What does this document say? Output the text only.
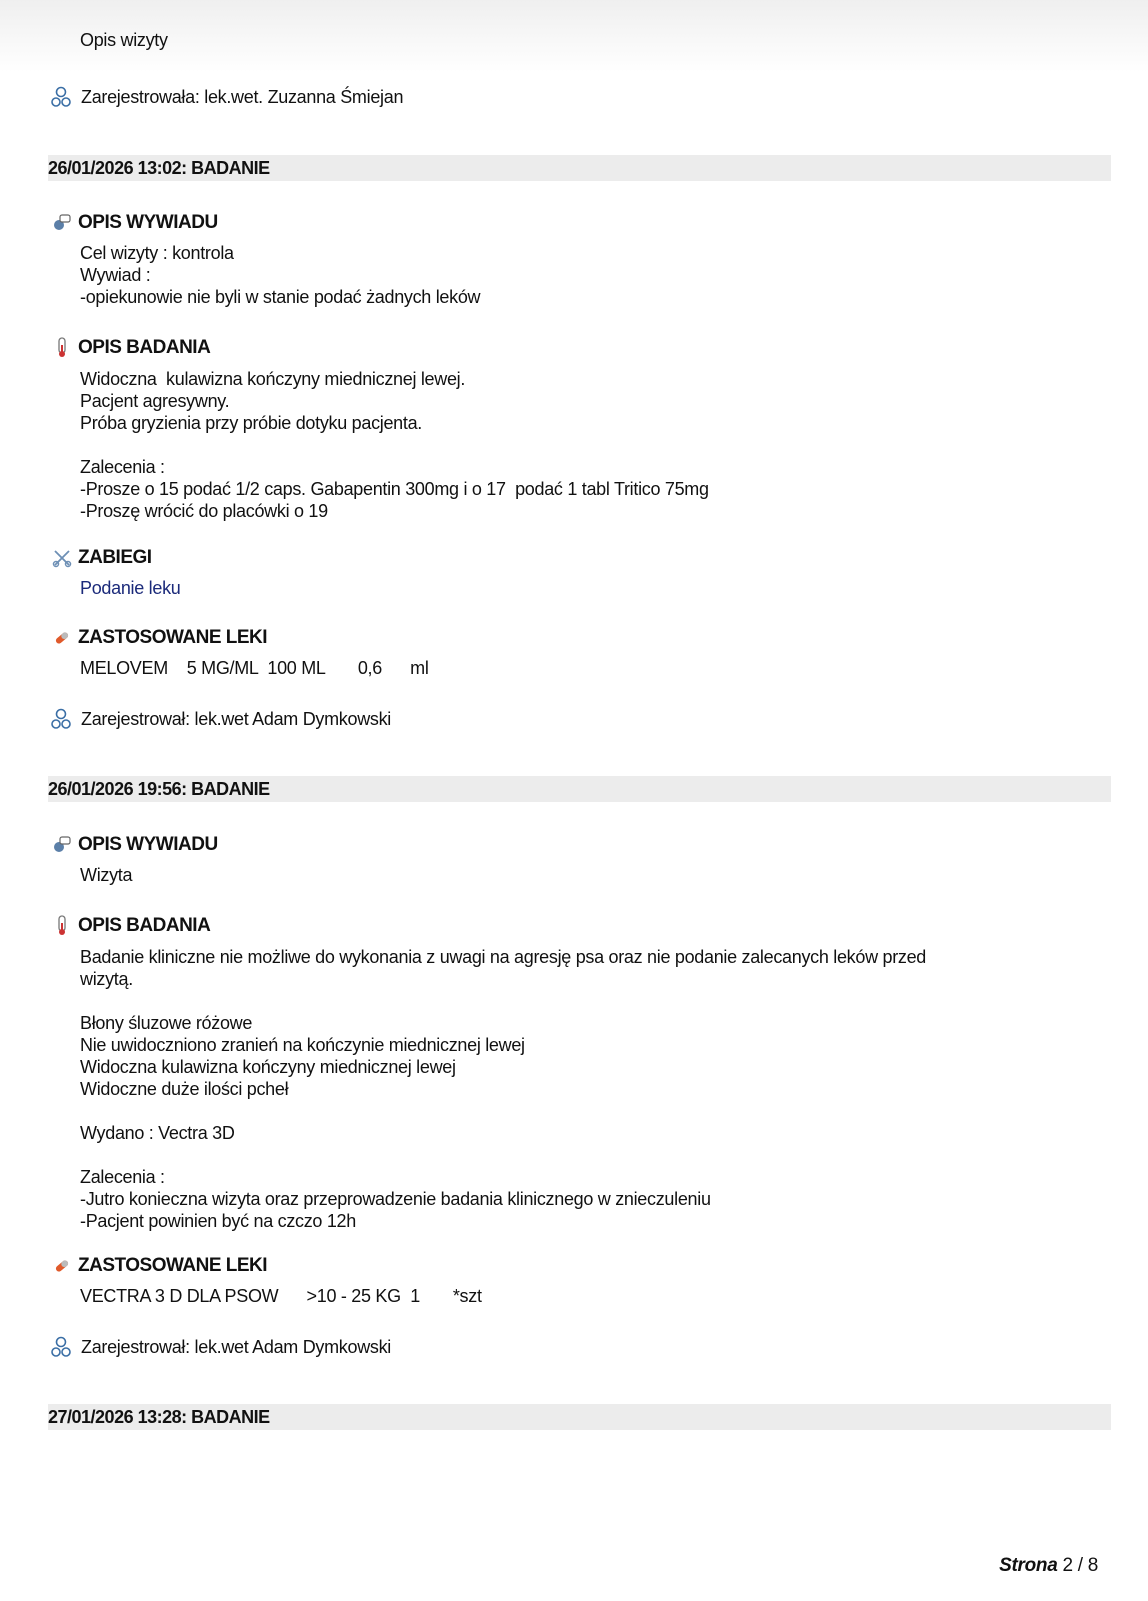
Opis wizyty
Zarejestrowała: lek.wet. Zuzanna Śmiejan
26/01/2026 13:02: BADANIE
OPIS WYWIADU
Cel wizyty : kontrola
Wywiad :
-opiekunowie nie byli w stanie podać żadnych leków
OPIS BADANIA
Widoczna  kulawizna kończyny miednicznej lewej.
Pacjent agresywny.
Próba gryzienia przy próbie dotyku pacjenta.
Zalecenia :
-Prosze o 15 podać 1/2 caps. Gabapentin 300mg i o 17  podać 1 tabl Tritico 75mg
-Proszę wrócić do placówki o 19
ZABIEGI
Podanie leku
ZASTOSOWANE LEKI
MELOVEM    5 MG/ML  100 ML       0,6      ml
Zarejestrował: lek.wet Adam Dymkowski
26/01/2026 19:56: BADANIE
OPIS WYWIADU
Wizyta
OPIS BADANIA
Badanie kliniczne nie możliwe do wykonania z uwagi na agresję psa oraz nie podanie zalecanych leków przed
wizytą.
Błony śluzowe różowe
Nie uwidoczniono zranień na kończynie miednicznej lewej
Widoczna kulawizna kończyny miednicznej lewej
Widoczne duże ilości pcheł
Wydano : Vectra 3D
Zalecenia :
-Jutro konieczna wizyta oraz przeprowadzenie badania klinicznego w znieczuleniu
-Pacjent powinien być na czczo 12h
ZASTOSOWANE LEKI
VECTRA 3 D DLA PSOW      >10 - 25 KG  1       *szt
Zarejestrował: lek.wet Adam Dymkowski
27/01/2026 13:28: BADANIE
Strona 2 / 8
